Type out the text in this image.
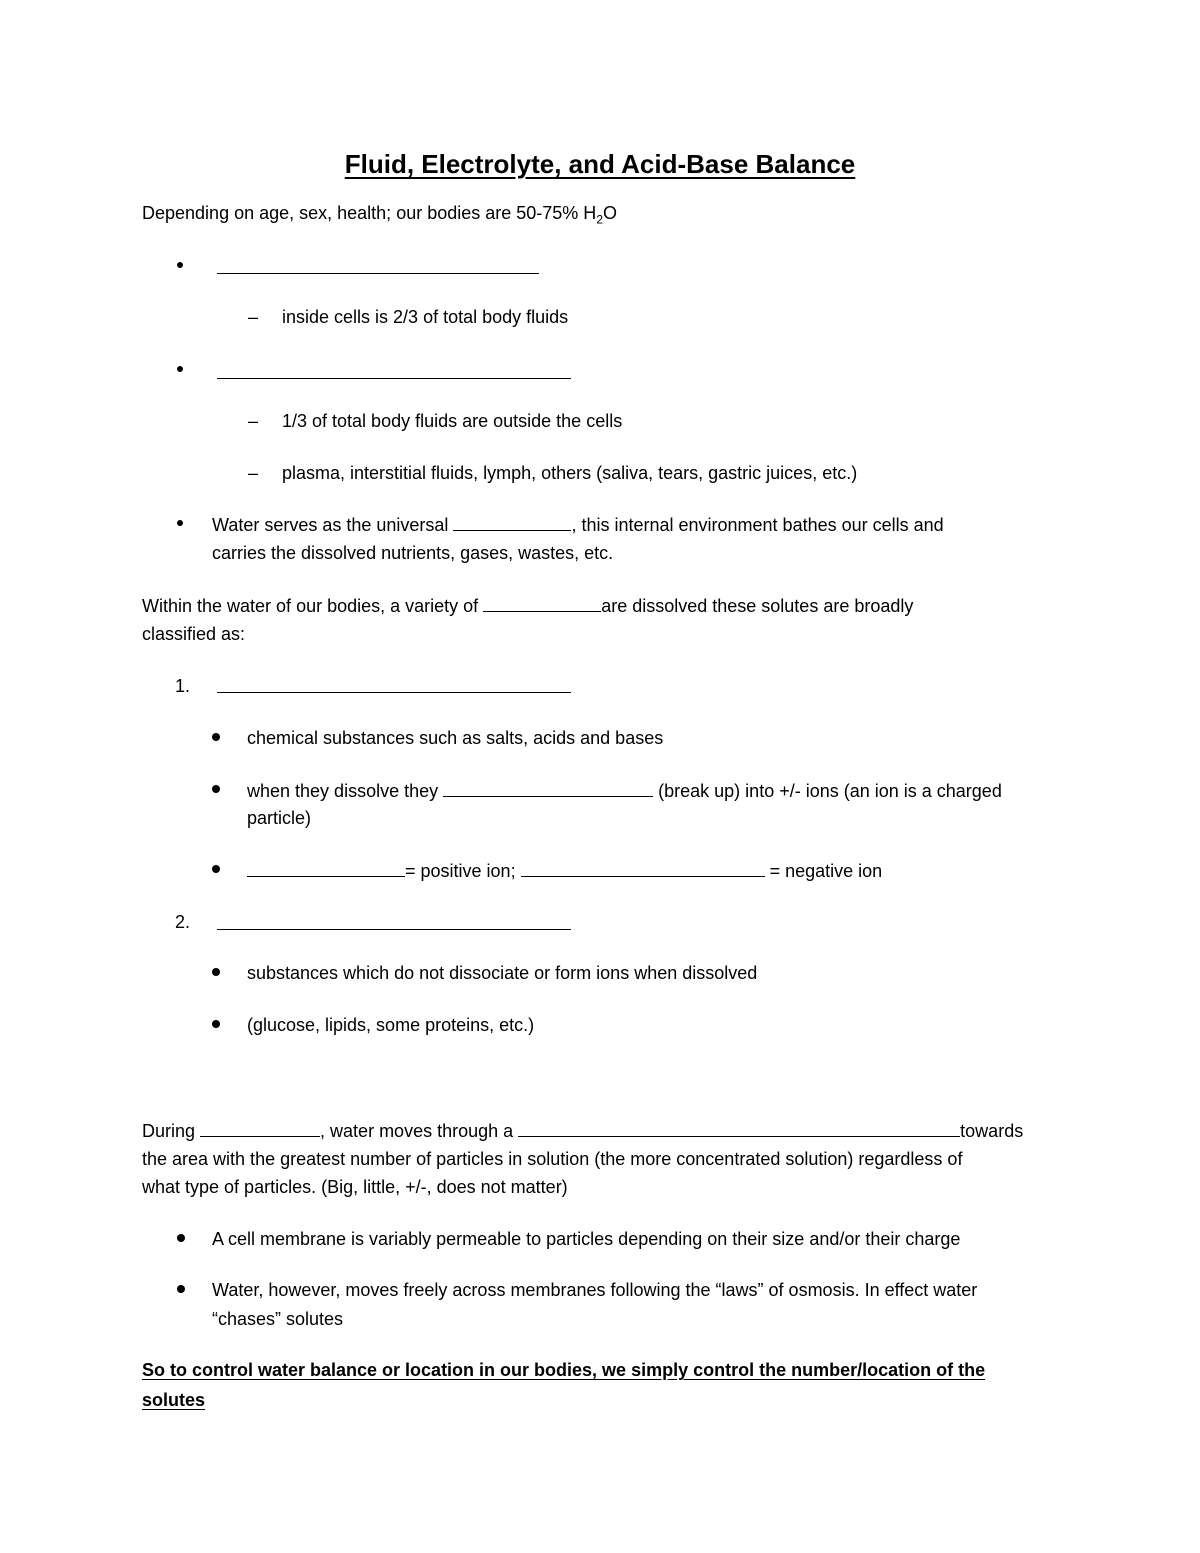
Fluid, Electrolyte, and Acid-Base Balance
Depending on age, sex, health; our bodies are 50-75% $H_2O$
– inside cells is 2/3 of total body fluids
– 1/3 of total body fluids are outside the cells
– plasma, interstitial fluids, lymph, others (saliva, tears, gastric juices, etc.)
Water serves as the universal	, this internal environment bathes our cells and
carries the dissolved nutrients, gases, wastes, etc.
Within the water of our bodies, a variety of	are dissolved these solutes are broadly
classified as:
1.
chemical substances such as salts, acids and bases
when they dissolve they	(break up) into +/- ions (an ion is a charged
particle)
= positive ion;	= negative ion
2.
substances which do not dissociate or form ions when dissolved
(glucose, lipids, some proteins, etc.)
During	, water moves through a	towards
the area with the greatest number of particles in solution (the more concentrated solution) regardless of
what type of particles. (Big, little, +/-, does not matter)
A cell membrane is variably permeable to particles depending on their size and/or their charge
Water, however, moves freely across membranes following the “laws” of osmosis. In effect water
“chases” solutes
So to control water balance or location in our bodies, we simply control the number/location of the
solutes
